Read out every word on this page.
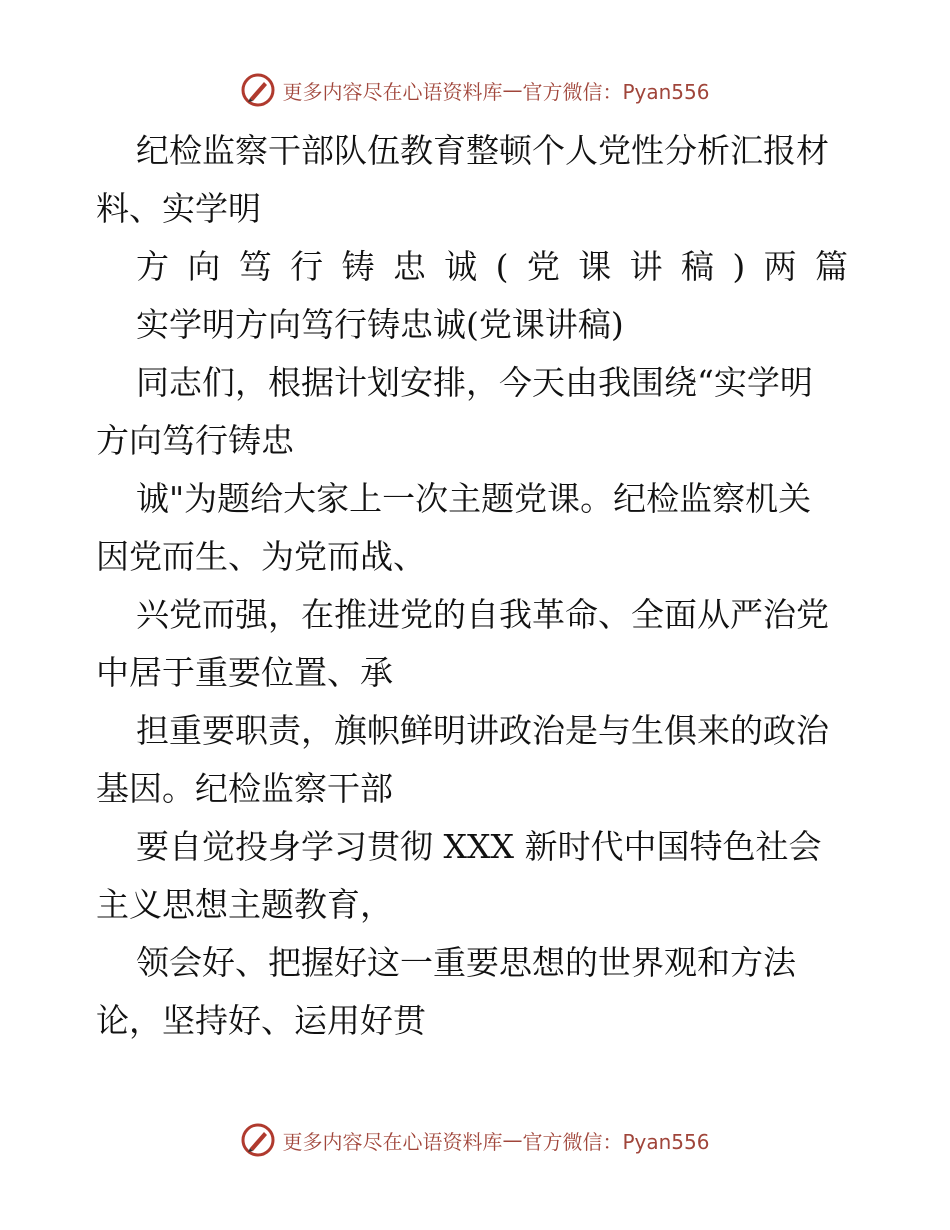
更多内容尽在心语资料库 — 官方微信：Pyan556
纪检监察干部队伍教育整顿个人党性分析汇报材
料、实学明
方 向 笃 行 铸 忠 诚 ( 党 课 讲 稿 ) 两 篇
实学明方向笃行铸忠诚(党课讲稿)
同志们，根据计划安排，今天由我围绕“实学明
方向笃行铸忠
诚"为题给大家上一次主题党课。纪检监察机关
因党而生、为党而战、
兴党而强，在推进党的自我革命、全面从严治党
中居于重要位置、承
担重要职责，旗帜鲜明讲政治是与生俱来的政治
基因。纪检监察干部
要自觉投身学习贯彻 XXX 新时代中国特色社会
主义思想主题教育，
领会好、把握好这一重要思想的世界观和方法
论，坚持好、运用好贯
更多内容尽在心语资料库 — 官方微信：Pyan556
